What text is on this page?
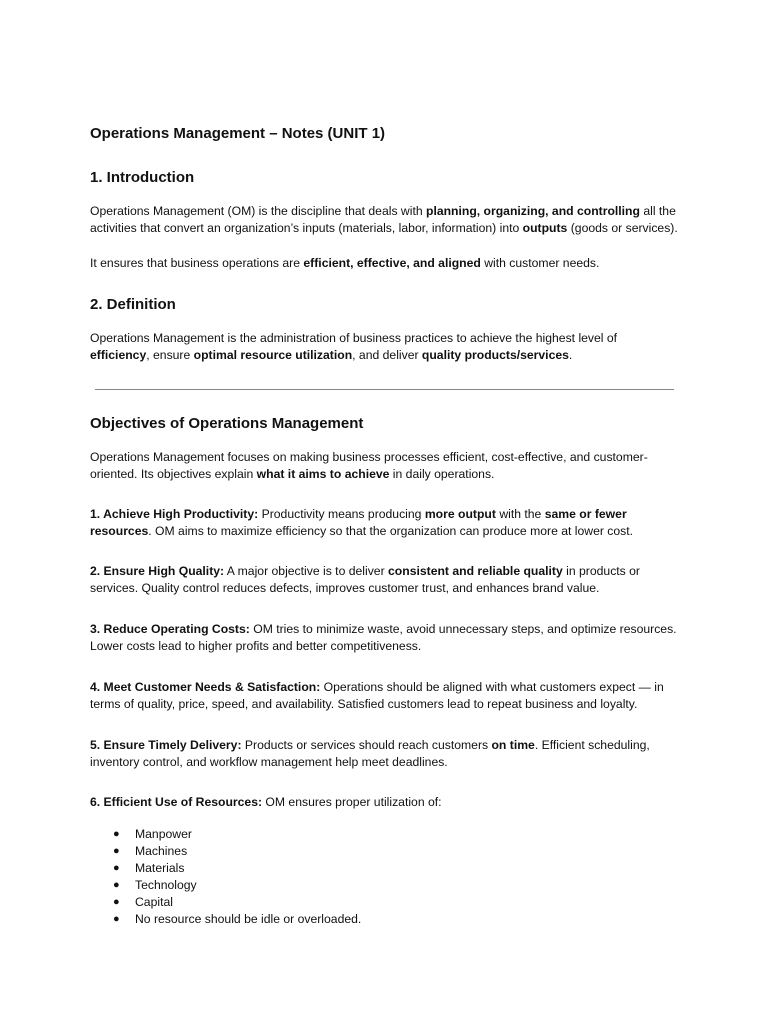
Operations Management – Notes (UNIT 1)
1. Introduction

Operations Management (OM) is the discipline that deals with planning, organizing, and controlling all the activities that convert an organization’s inputs (materials, labor, information) into outputs (goods or services).

It ensures that business operations are efficient, effective, and aligned with customer needs.

2. Definition

Operations Management is the administration of business practices to achieve the highest level of efficiency, ensure optimal resource utilization, and deliver quality products/services.

Objectives of Operations Management

Operations Management focuses on making business processes efficient, cost-effective, and customer-oriented. Its objectives explain what it aims to achieve in daily operations.

1. Achieve High Productivity: Productivity means producing more output with the same or fewer resources. OM aims to maximize efficiency so that the organization can produce more at lower cost.

2. Ensure High Quality: A major objective is to deliver consistent and reliable quality in products or services. Quality control reduces defects, improves customer trust, and enhances brand value.

3. Reduce Operating Costs: OM tries to minimize waste, avoid unnecessary steps, and optimize resources. Lower costs lead to higher profits and better competitiveness.

4. Meet Customer Needs & Satisfaction: Operations should be aligned with what customers expect — in terms of quality, price, speed, and availability. Satisfied customers lead to repeat business and loyalty.

5. Ensure Timely Delivery: Products or services should reach customers on time. Efficient scheduling, inventory control, and workflow management help meet deadlines.

6. Efficient Use of Resources: OM ensures proper utilization of:

● Manpower
● Machines
● Materials
● Technology
● Capital
● No resource should be idle or overloaded.
